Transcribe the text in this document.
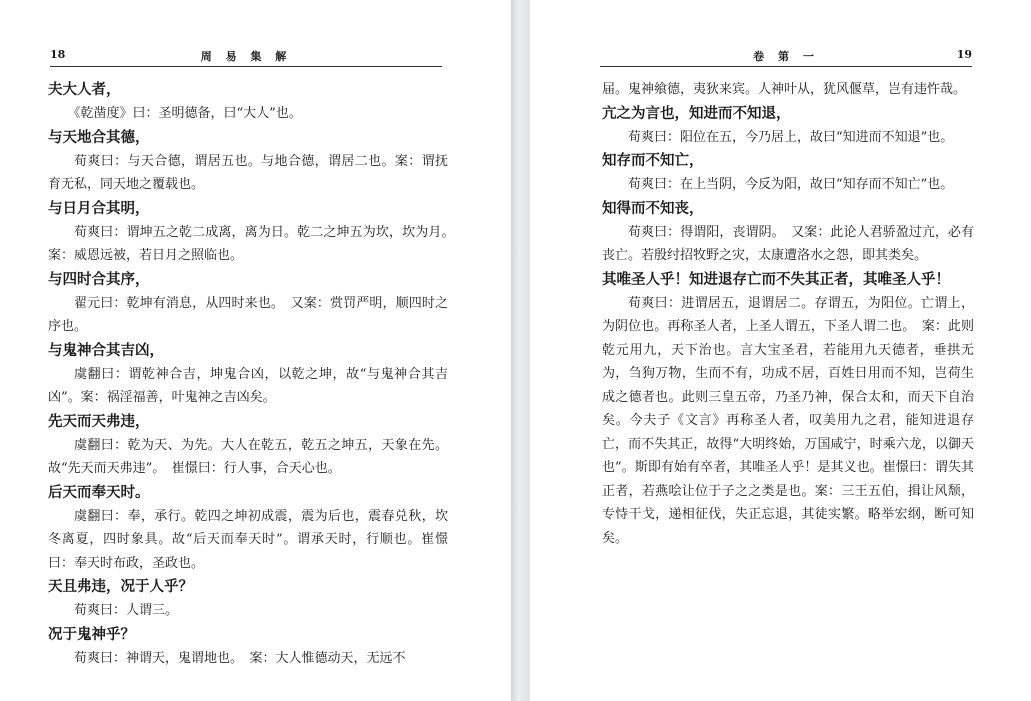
18	周 易 集 解
夫大人者，
　　《乾凿度》曰：圣明德备，曰“大人”也。
与天地合其德，
荀爽曰：与天合德，谓居五也。与地合德，谓居二也。案：谓抚育无私，同天地之覆载也。
与日月合其明，
荀爽曰：谓坤五之乾二成离，离为日。乾二之坤五为坎，坎为月。　案：威恩远被，若日月之照临也。
与四时合其序，
翟元曰：乾坤有消息，从四时来也。　又案：赏罚严明，顺四时之序也。
与鬼神合其吉凶，
虞翻曰：谓乾神合吉，坤鬼合凶，以乾之坤，故“与鬼神合其吉凶”。案：祸淫福善，叶鬼神之吉凶矣。
先天而天弗违，
虞翻曰：乾为天、为先。大人在乾五，乾五之坤五，天象在先。故“先天而天弗违”。　崔憬曰：行人事，合天心也。
后天而奉天时。
虞翻曰：奉，承行。乾四之坤初成震，震为后也，震春兑秋，坎冬离夏，四时象具。故“后天而奉天时”。谓承天时，行顺也。崔憬曰：奉天时布政，圣政也。
天且弗违，况于人乎？
　　荀爽曰：人谓三。
况于鬼神乎？
　　荀爽曰：神谓天，鬼谓地也。　案：大人惟德动天，无远不
卷 第 一	19
届。鬼神飨德，夷狄来宾。人神叶从，犹风偃草，岂有违忤哉。
亢之为言也，知进而不知退，
　　荀爽曰：阳位在五，今乃居上，故曰“知进而不知退”也。
知存而不知亡，
　　荀爽曰：在上当阴，今反为阳，故曰“知存而不知亡”也。
知得而不知丧，
荀爽曰：得谓阳，丧谓阴。　又案：此论人君骄盈过亢，必有丧亡。若殷纣招牧野之灾，太康遭洛水之怨，即其类矣。
其唯圣人乎！知进退存亡而不失其正者，其唯圣人乎！
荀爽曰：进谓居五，退谓居二。存谓五，为阳位。亡谓上，为阴位也。再称圣人者，上圣人谓五，下圣人谓二也。　案：此则乾元用九，天下治也。言大宝圣君，若能用九天德者，垂拱无为，刍狗万物，生而不有，功成不居，百姓日用而不知，岂荷生成之德者也。此则三皇五帝，乃圣乃神，保合太和，而天下自治矣。今夫子《文言》再称圣人者，叹美用九之君，能知进退存亡，而不失其正，故得“大明终始，万国咸宁，时乘六龙，以御天也”。斯即有始有卒者，其唯圣人乎！是其义也。崔憬曰：谓失其正者，若燕哙让位于子之之类是也。案：三王五伯，揖让风颓，专恃干戈，递相征伐，失正忘退，其徒实繁。略举宏纲，断可知矣。
